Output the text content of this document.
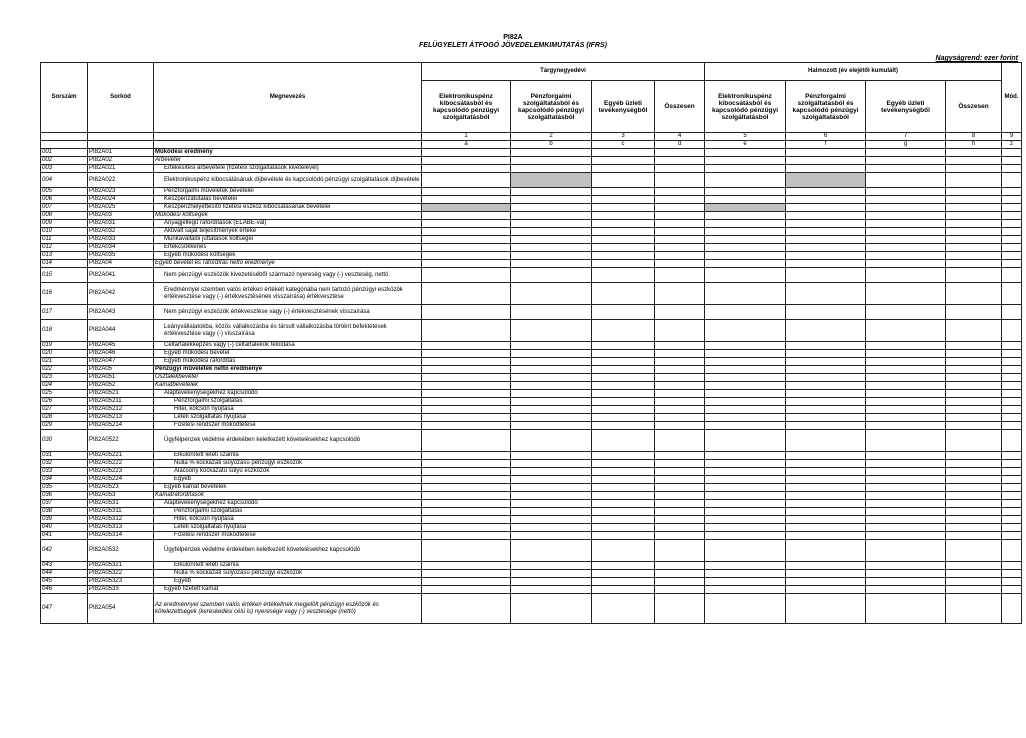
PI82A
FELÜGYELETI ÁTFOGÓ JÖVEDELEMKIMUTATÁS (IFRS)
Nagyságrend: ezer forint
Sorszám	Sorkód	Megnevezés	Tárgynegyedévi				Halmozott (év elejétől kumulált)				Mód.
			Elektronikuspénz kibocsátásból és kapcsolódó pénzügyi szolgáltatásból	Pénzforgalmi szolgáltatásból és kapcsolódó pénzügyi szolgáltatásból	Egyéb üzleti tevékenységből	Összesen	Elektronikuspénz kibocsátásból és kapcsolódó pénzügyi szolgáltatásból	Pénzforgalmi szolgáltatásból és kapcsolódó pénzügyi szolgáltatásból	Egyéb üzleti tevékenységből	Összesen	
			1	2	3	4	5	6	7	8	9
			a	b	c	d	e	f	g	h	z
001	PI82A01	Működési eredmény									
002	PI82A02	Árbevétel									
003	PI82A021	Értékesítési árbevétele (fizetési szolgáltatások kivételével)									
004	PI82A022	Elektronikuspénz kibocsátásának díjbevétele és kapcsolódó pénzügyi szolgáltatások díjbevétele									
005	PI82A023	Pénzforgalmi műveletek bevételei									
006	PI82A024	Készpénzátutalás bevételei									
007	PI82A025	Készpénzhelyettesítő fizetési eszköz kibocsátásának bevételei									
008	PI82A03	Működési költségek									
009	PI82A031	Anyagjellegű ráfordítások (ELÁBÉ-val)									
010	PI82A032	Aktivált saját teljesítmények értéke									
011	PI82A033	Munkavállalói juttatások költségei									
012	PI82A034	Értékcsökkenés									
013	PI82A035	Egyéb működési költségek									
014	PI82A04	Egyéb bevétel és ráfordítás nettó eredménye									
015	PI82A041	Nem pénzügyi eszközök kivezetéséből származó nyereség vagy (-) veszteség, nettó									
016	PI82A042	Eredménnyel szemben valós értéken értékelt kategóriába nem tartozó pénzügyi eszközök értékvesztése vagy (-) értékvesztésének visszaírása) értékvesztése									
017	PI82A043	Nem pénzügyi eszközök értékvesztése vagy (-) értékvesztésének visszaírása									
018	PI82A044	Leányvállalatokba, közös vállalkozásba és társult vállalkozásba történt befektetések értékvesztése vagy (-) visszaírása									
019	PI82A045	Céltartalékképzés vagy (-) céltartalékok feloldása									
020	PI82A046	Egyéb működési bevétel									
021	PI82A047	Egyéb működési ráfordítás									
022	PI82A05	Pénzügyi műveletek nettó eredménye									
023	PI82A051	Osztalékbevétel									
024	PI82A052	Kamatbevételek									
025	PI82A0521	Alaptevékenységekhez kapcsolódó									
026	PI82A05211	Pénzforgalmi szolgáltatás									
027	PI82A05212	Hitel, kölcsön nyújtása									
028	PI82A05213	Letéti szolgáltatás nyújtása									
029	PI82A05214	Fizetési rendszer működtetése									
030	PI82A0522	Ügyfélpénzek védelme érdekében keletkezett követelésekhez kapcsolódó									
031	PI82A05221	Elkülönített letéti számla									
032	PI82A05222	Nulla % kockázati súlyozású pénzügyi eszközök									
033	PI82A05223	Alacsony kockázatú súlyú eszközök									
034	PI82A05224	Egyéb									
035	PI82A0523	Egyéb kamat bevételek									
036	PI82A053	Kamatráfordítások									
037	PI82A0531	Alaptevékenységekhez kapcsolódó									
038	PI82A05311	Pénzforgalmi szolgáltatás									
039	PI82A05312	Hitel, kölcsön nyújtása									
040	PI82A05313	Letéti szolgáltatás nyújtása									
041	PI82A05314	Fizetési rendszer működtetése									
042	PI82A0532	Ügyfélpénzek védelme érdekében keletkezett követelésekhez kapcsolódó									
043	PI82A05321	Elkülönített letéti számla									
044	PI82A05322	Nulla % kockázati súlyozású pénzügyi eszközök									
045	PI82A05323	Egyéb									
046	PI82A0533	Egyéb fizetett kamat									
047	PI82A054	Az eredménnyel szemben valós értéken értékeltnek megjelölt pénzügyi eszközök és kötelezettségek (kereskedési célú is) nyeresége vagy (-) vesztesége (nettó)									
